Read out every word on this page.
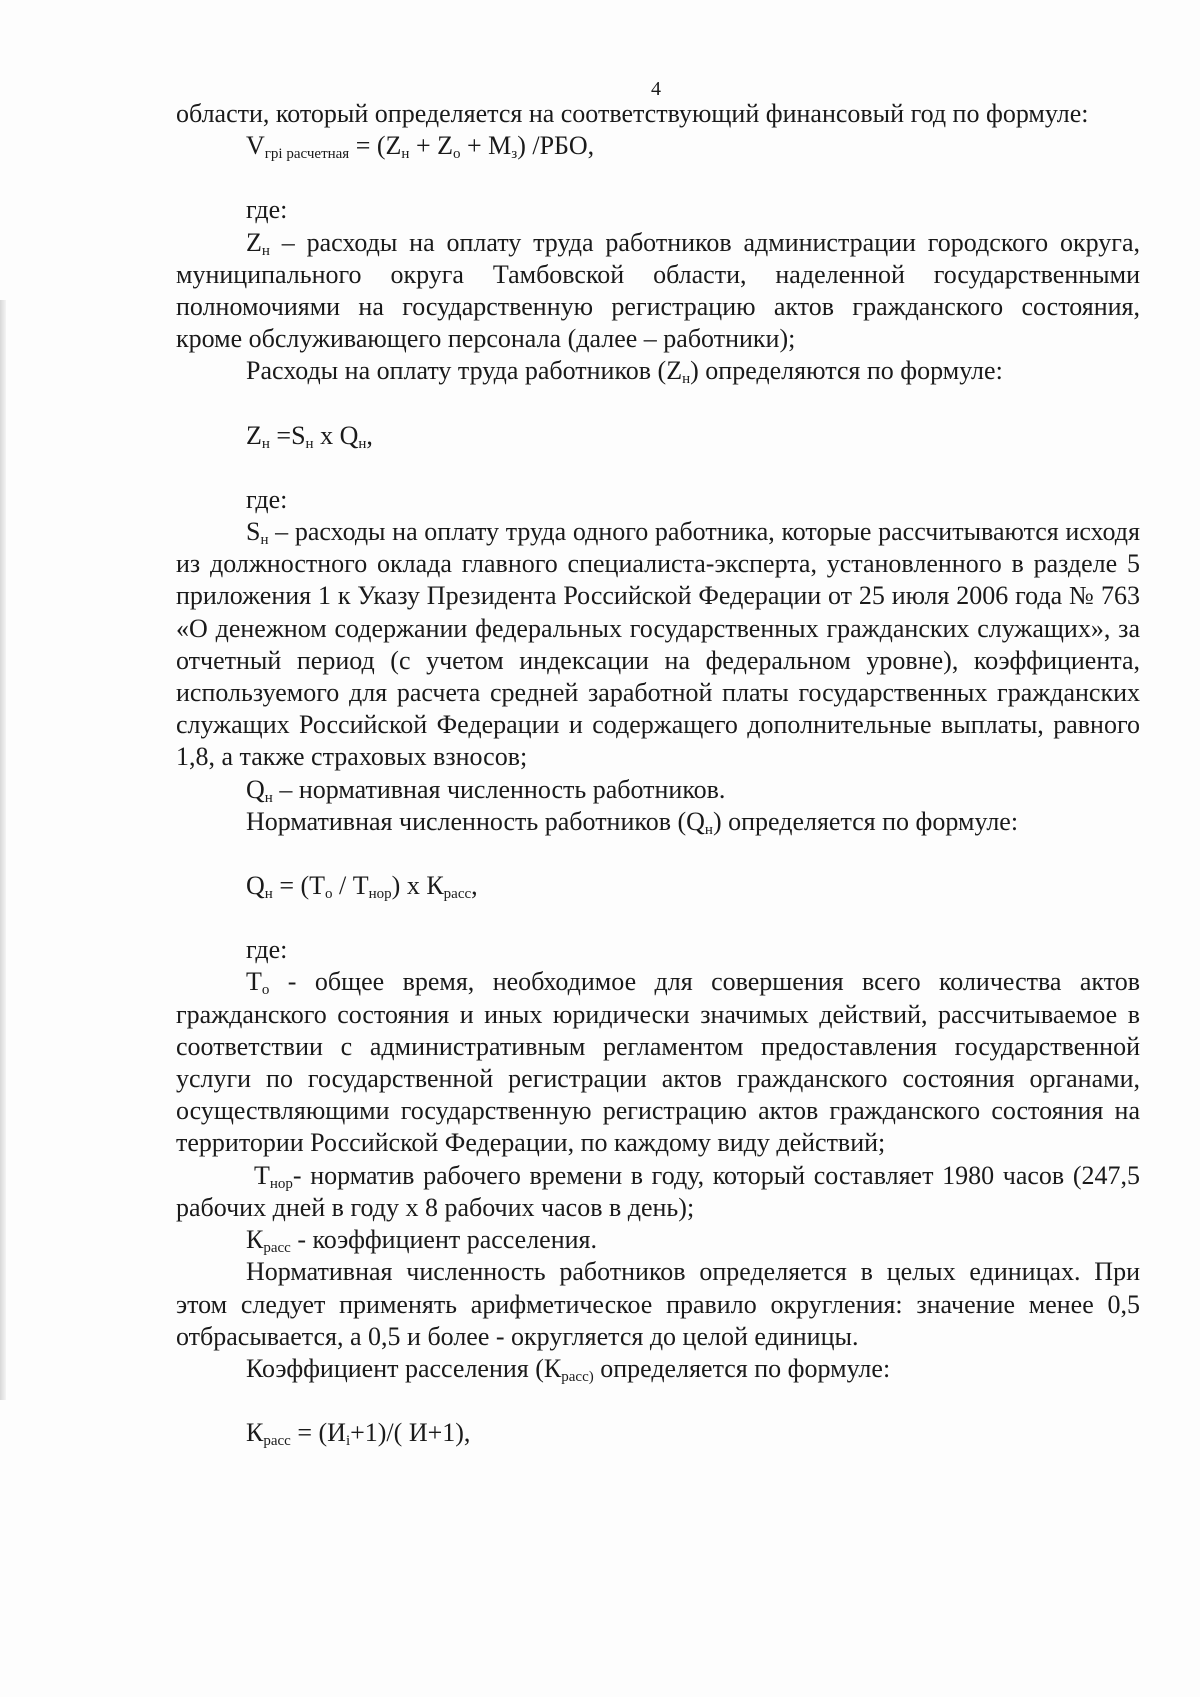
4

области, который определяется на соответствующий финансовый год по формуле:

$V_{грі расчетная} = (Z_н + Z_о + М_з)$ /РБО,

где:

$Z_н$ – расходы на оплату труда работников администрации городского округа, муниципального округа Тамбовской области, наделенной государственными полномочиями на государственную регистрацию актов гражданского состояния, кроме обслуживающего персонала (далее – работники);

Расходы на оплату труда работников $(Z_н)$ определяются по формуле:

$Z_н =S_н$ х $Q_н$,

где:

$S_н$ – расходы на оплату труда одного работника, которые рассчитываются исходя из должностного оклада главного специалиста-эксперта, установленного в разделе 5 приложения 1 к Указу Президента Российской Федерации от 25 июля 2006 года № 763 «О денежном содержании федеральных государственных гражданских служащих», за отчетный период (с учетом индексации на федеральном уровне), коэффициента, используемого для расчета средней заработной платы государственных гражданских служащих Российской Федерации и содержащего дополнительные выплаты, равного 1,8, а также страховых взносов;

$Q_н$ – нормативная численность работников.

Нормативная численность работников $(Q_н)$ определяется по формуле:

$Q_н = (Т_о / Т_{нор})$ х $К_{расс}$,

где:

$Т_о$ - общее время, необходимое для совершения всего количества актов гражданского состояния и иных юридически значимых действий, рассчитываемое в соответствии с административным регламентом предоставления государственной услуги по государственной регистрации актов гражданского состояния органами, осуществляющими государственную регистрацию актов гражданского состояния на территории Российской Федерации, по каждому виду действий;

$Т_{нор}-$ норматив рабочего времени в году, который составляет 1980 часов (247,5 рабочих дней в году х 8 рабочих часов в день);

$К_{расс}$ - коэффициент расселения.

Нормативная численность работников определяется в целых единицах. При этом следует применять арифметическое правило округления: значение менее 0,5 отбрасывается, а 0,5 и более - округляется до целой единицы.

Коэффициент расселения ($К_{расс)}$ определяется по формуле:

$К_{расс} = (И_i+1)/$( И+1),
